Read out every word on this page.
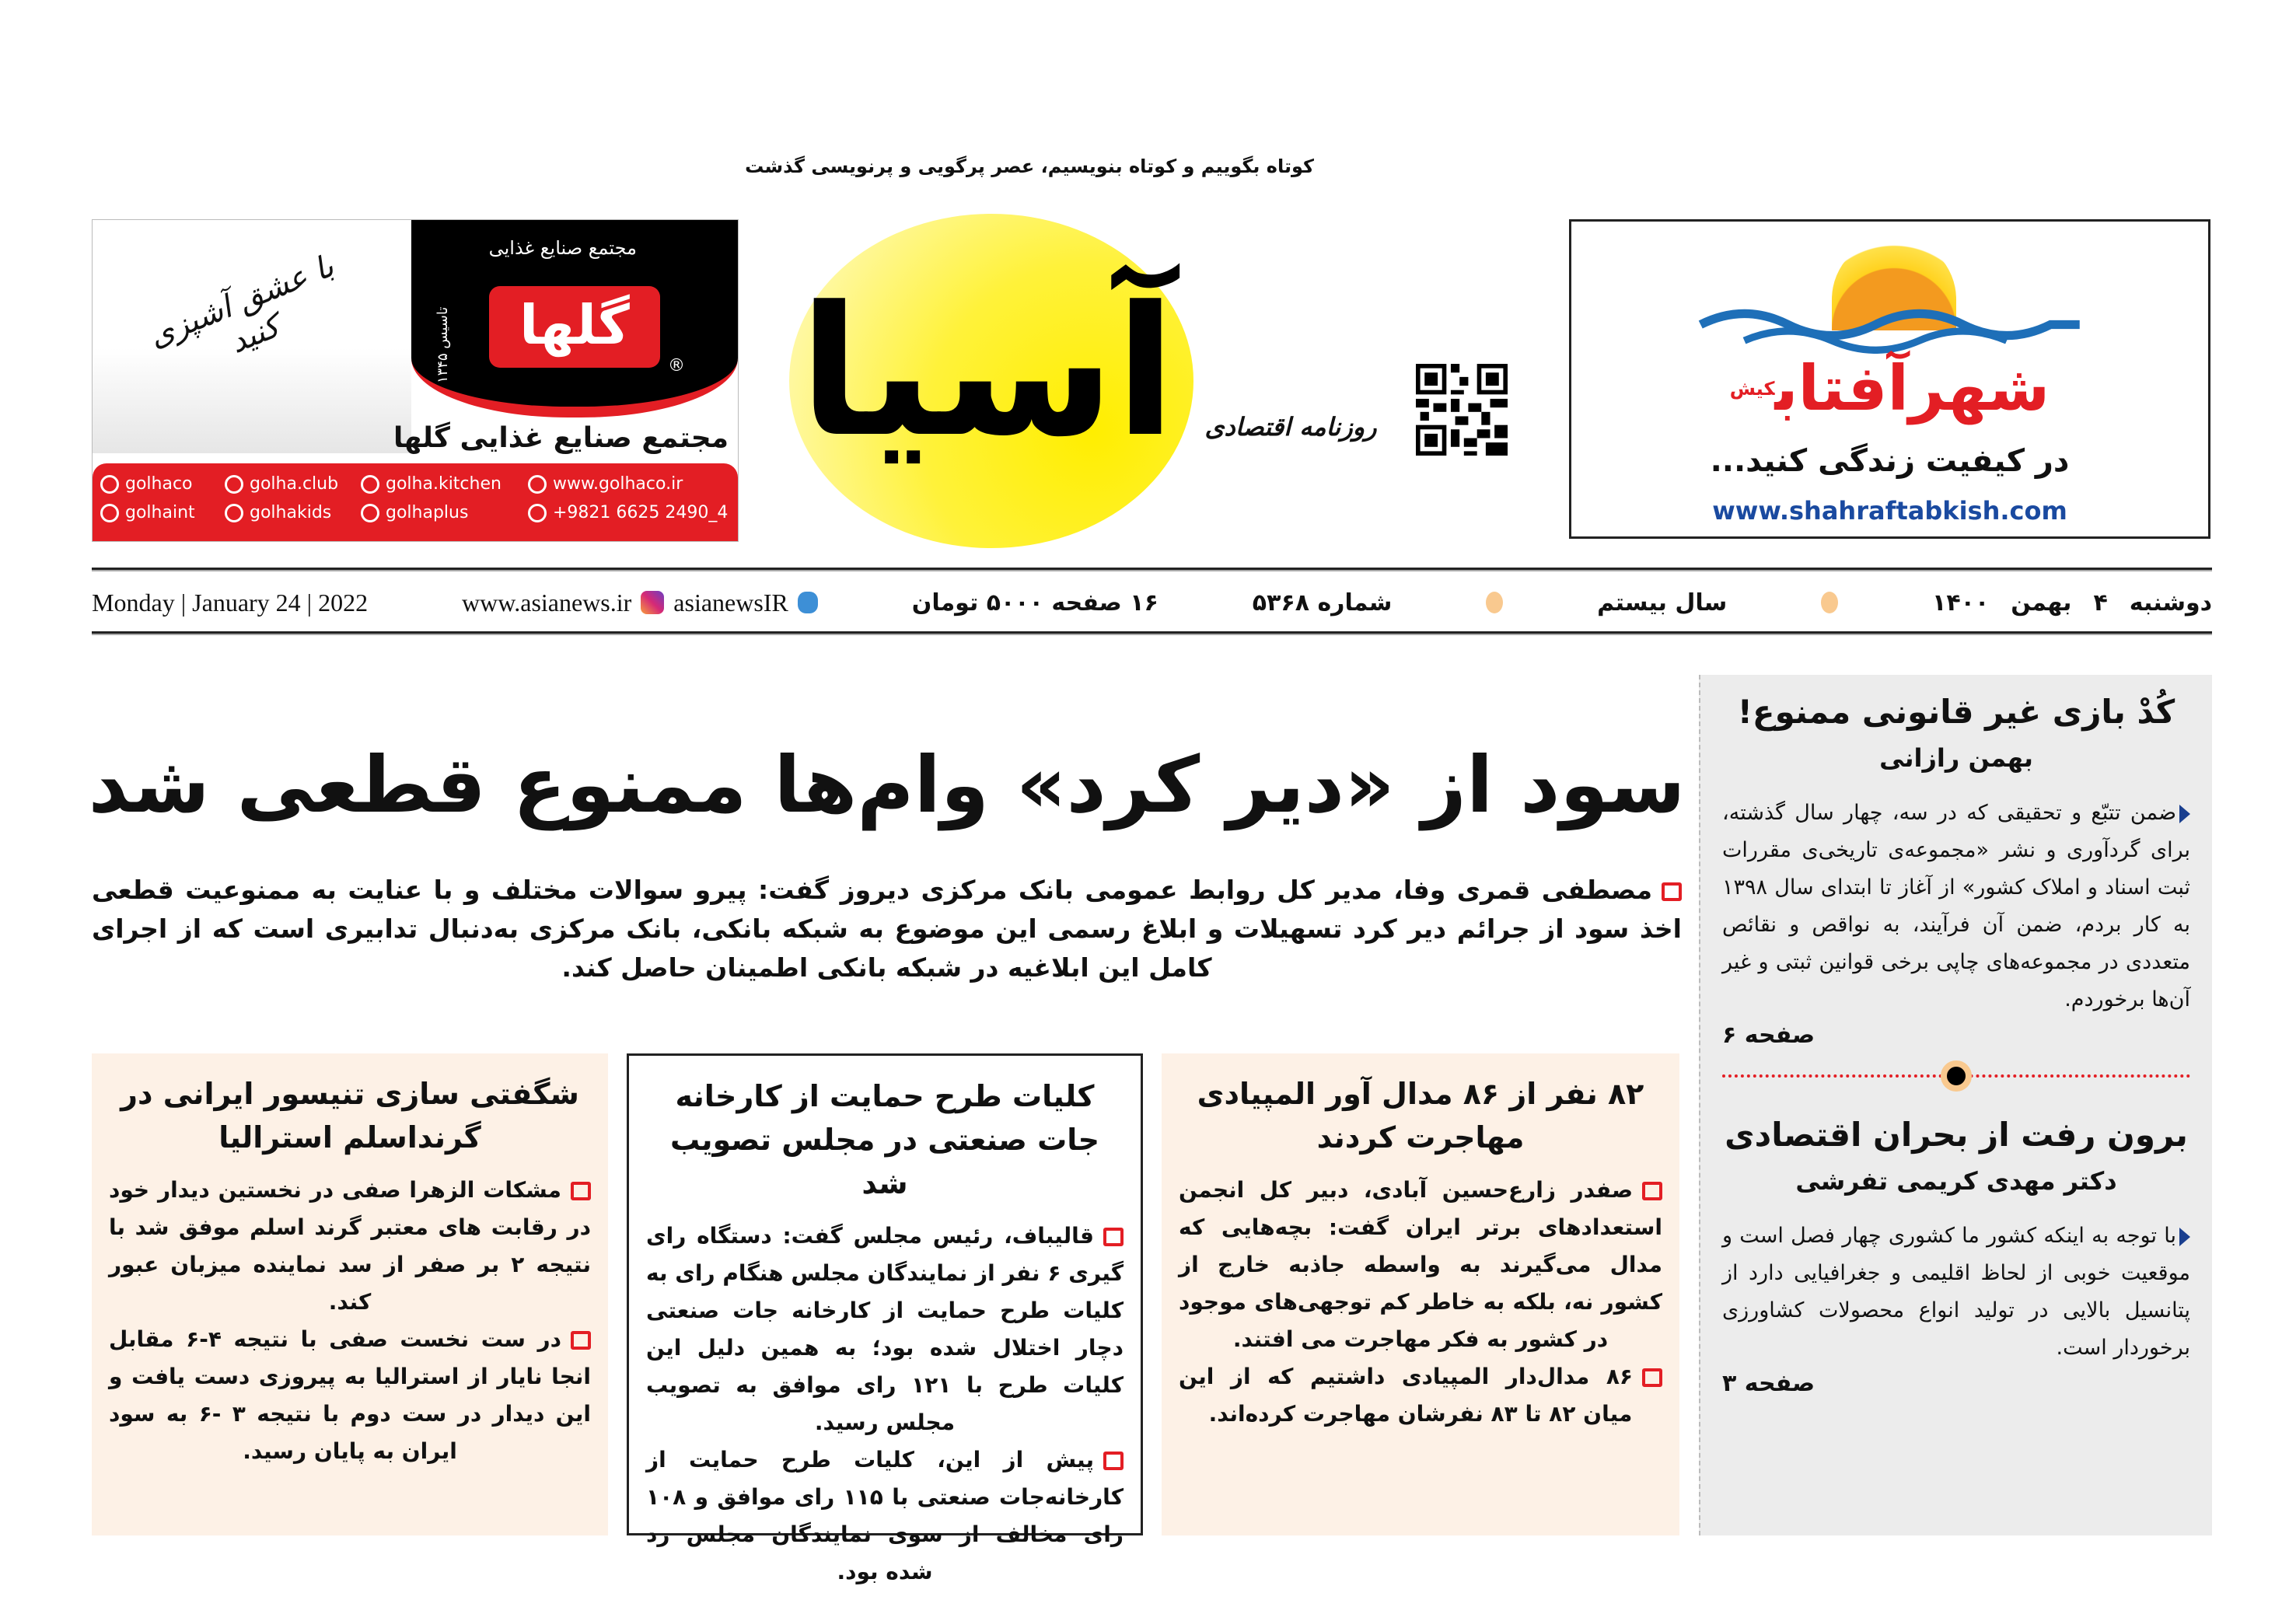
کوتاه بگوییم و کوتاه بنویسیم، عصر پرگویی و پرنویسی گذشت
آسیا	روزنامه اقتصادی
با عشق آشپزی کنید
مجتمع صنایع غذایی
گلها
تاسیس ۱۳۴۵
®
مجتمع صنایع غذایی گلها
golhaco	golha.club	golha.kitchen	www.golhaco.ir
golhaint	golhakids	golhaplus	+9821 6625 2490_4
شهرآفتاب$^{کیش}$
در کیفیت زندگی کنید...
www.shahraftabkish.com
دوشنبه
۴
بهمن
۱۴۰۰
سال بیستم
شماره ۵۳۶۸
۱۶ صفحه ۵۰۰۰ تومان
asianewsIR
www.asianews.ir
Monday | January 24 | 2022
سود از «دیر کرد» وام‌ها ممنوع قطعی شد
مصطفی قمری وفا، مدیر کل روابط عمومی بانک مرکزی دیروز گفت: پیرو سوالات مختلف و با عنایت به ممنوعیت قطعی اخذ سود از جرائم دیر کرد تسهیلات و ابلاغ رسمی این موضوع به شبکه بانکی، بانک مرکزی به‌دنبال تدابیری است که از اجرای کامل این ابلاغیه در شبکه بانکی اطمینان حاصل کند.
۸۲ نفر از ۸۶ مدال آور المپیادی مهاجرت کردند

صفدر زارع‌حسین آبادی، دبیر کل انجمن استعدادهای برتر ایران گفت: بچه‌هایی که مدال می‌گیرند به واسطه جاذبه خارج از کشور نه، بلکه به خاطر کم توجهی‌های موجود در کشور به فکر مهاجرت می افتند.

۸۶ مدال‌دار المپیادی داشتیم که از این میان ۸۲ تا ۸۳ نفرشان مهاجرت کرده‌اند.

کلیات طرح حمایت از کارخانه جات صنعتی در مجلس تصویب شد

قالیباف، رئیس مجلس گفت: دستگاه رای گیری ۶ نفر از نمایندگان مجلس هنگام رای به کلیات طرح حمایت از کارخانه جات صنعتی دچار اختلال شده بود؛ به همین دلیل این کلیات طرح با ۱۲۱ رای موافق به تصویب مجلس رسید.

پیش از این، کلیات طرح حمایت از کارخانه‌جات صنعتی با ۱۱۵ رای موافق و ۱۰۸ رای مخالف از سوی نمایندگان مجلس رد شده بود.

شگفتی سازی تنیسور ایرانی در گرنداسلم استرالیا

مشکات الزهرا صفی در نخستین دیدار خود در رقابت های معتبر گرند اسلم موفق شد با نتیجه ۲ بر صفر از سد نماینده میزبان عبور کند.

در ست نخست صفی با نتیجه ۴-۶ مقابل انجا نایار از استرالیا به پیروزی دست یافت و این دیدار در ست دوم با نتیجه ۳ -۶ به سود ایران به پایان رسید.

کُدْ بازی غیر قانونی ممنوع!
بهمن رازانی

ضمن تتبّع و تحقیقی که در سه، چهار سال گذشته، برای گردآوری و نشر «مجموعه‌ی تاریخی‌ی مقررات ثبت اسناد و املاک کشور» از آغاز تا ابتدای سال ۱۳۹۸ به کار بردم، ضمن آن فرآیند، به نواقص و نقائص متعددی در مجموعه‌های چاپی برخی قوانین ثبتی و غیر آن‌ها برخوردم.

صفحه ۶
برون رفت از بحران اقتصادی
دکتر مهدی کریمی تفرشی

با توجه به اینکه کشور ما کشوری چهار فصل است و موقعیت خوبی از لحاظ اقلیمی و جغرافیایی دارد از پتانسیل بالایی در تولید انواع محصولات کشاورزی برخوردار است.

صفحه ۳
